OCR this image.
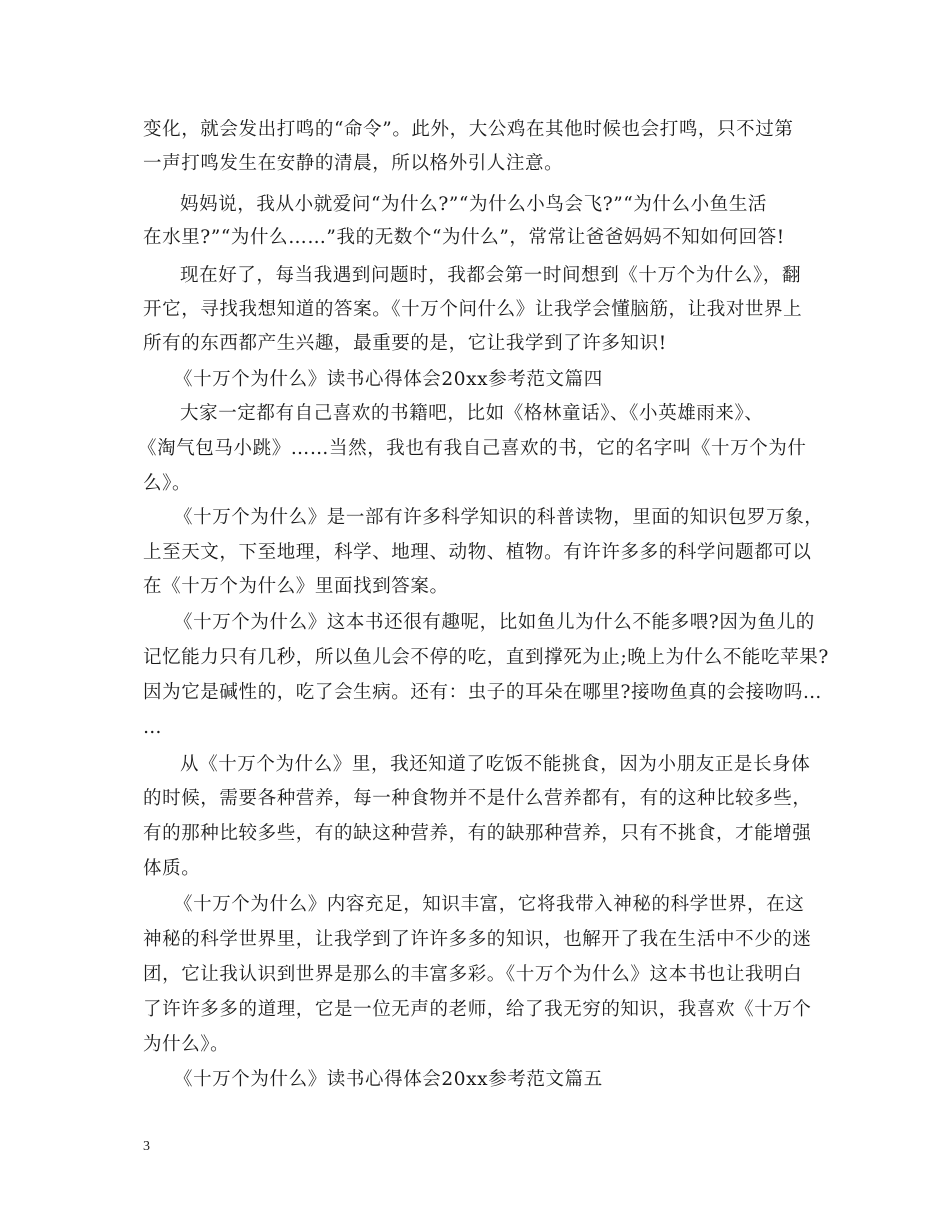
变化，就会发出打鸣的“命令”。此外，大公鸡在其他时候也会打鸣，只不过第
一声打鸣发生在安静的清晨，所以格外引人注意。
妈妈说，我从小就爱问“为什么?”“为什么小鸟会飞?”“为什么小鱼生活
在水里?”“为什么……”我的无数个“为什么”，常常让爸爸妈妈不知如何回答!
现在好了，每当我遇到问题时，我都会第一时间想到《十万个为什么》，翻
开它，寻找我想知道的答案。《十万个问什么》让我学会懂脑筋，让我对世界上
所有的东西都产生兴趣，最重要的是，它让我学到了许多知识!
《十万个为什么》读书心得体会20xx参考范文篇四
大家一定都有自己喜欢的书籍吧，比如《格林童话》、《小英雄雨来》、
《淘气包马小跳》……当然，我也有我自己喜欢的书，它的名字叫《十万个为什
么》。
《十万个为什么》是一部有许多科学知识的科普读物，里面的知识包罗万象，
上至天文，下至地理，科学、地理、动物、植物。有许许多多的科学问题都可以
在《十万个为什么》里面找到答案。
《十万个为什么》这本书还很有趣呢，比如鱼儿为什么不能多喂?因为鱼儿的
记忆能力只有几秒，所以鱼儿会不停的吃，直到撑死为止;晚上为什么不能吃苹果?
因为它是碱性的，吃了会生病。还有：虫子的耳朵在哪里?接吻鱼真的会接吻吗…
…
从《十万个为什么》里，我还知道了吃饭不能挑食，因为小朋友正是长身体
的时候，需要各种营养，每一种食物并不是什么营养都有，有的这种比较多些，
有的那种比较多些，有的缺这种营养，有的缺那种营养，只有不挑食，才能增强
体质。
《十万个为什么》内容充足，知识丰富，它将我带入神秘的科学世界，在这
神秘的科学世界里，让我学到了许许多多的知识，也解开了我在生活中不少的迷
团，它让我认识到世界是那么的丰富多彩。《十万个为什么》这本书也让我明白
了许许多多的道理，它是一位无声的老师，给了我无穷的知识，我喜欢《十万个
为什么》。
《十万个为什么》读书心得体会20xx参考范文篇五
3
